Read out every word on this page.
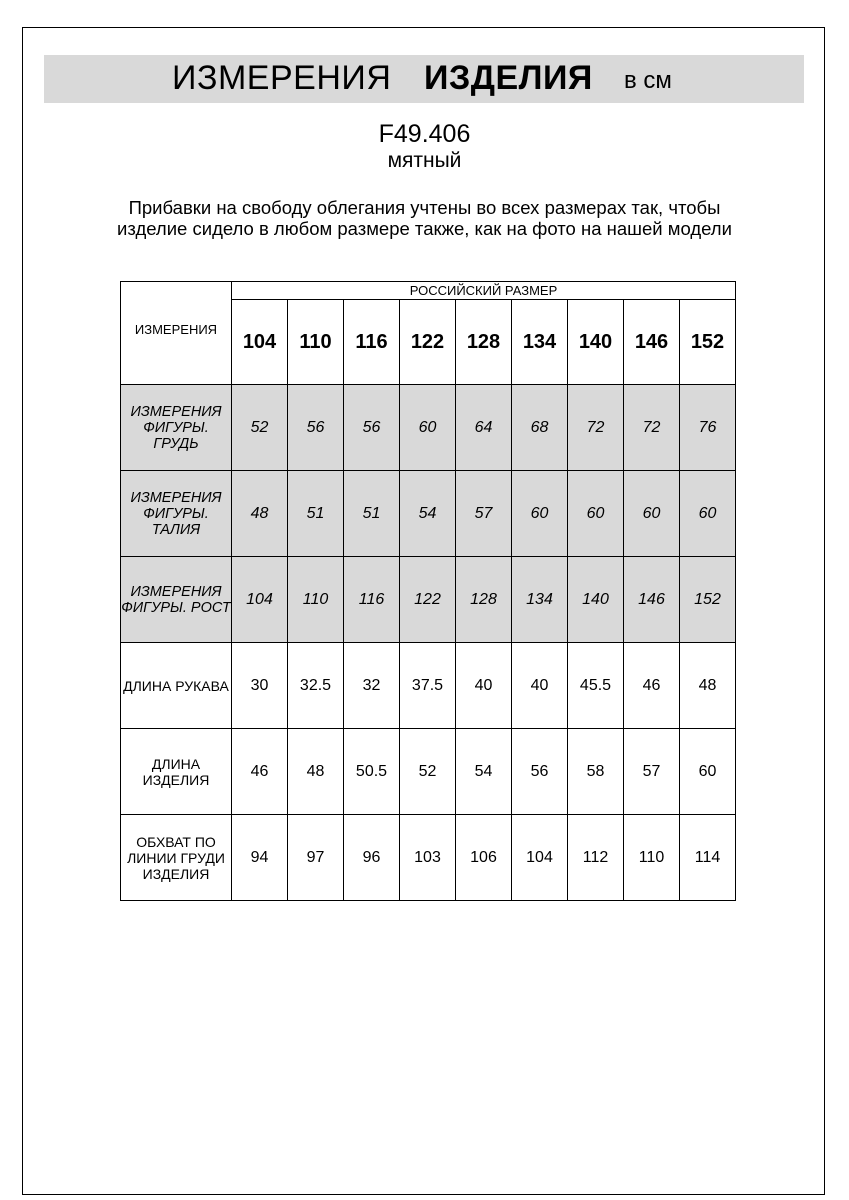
ИЗМЕРЕНИЯ ИЗДЕЛИЯ в см
F49.406
мятный
Прибавки на свободу облегания учтены во всех размерах так, чтобы изделие сидело в любом размере также, как на фото на нашей модели
ИЗМЕРЕНИЯ	РОССИЙСКИЙ РАЗМЕР								
	104	110	116	122	128	134	140	146	152
ИЗМЕРЕНИЯ ФИГУРЫ. ГРУДЬ	52	56	56	60	64	68	72	72	76
ИЗМЕРЕНИЯ ФИГУРЫ. ТАЛИЯ	48	51	51	54	57	60	60	60	60
ИЗМЕРЕНИЯ ФИГУРЫ. РОСТ	104	110	116	122	128	134	140	146	152
ДЛИНА РУКАВА	30	32.5	32	37.5	40	40	45.5	46	48
ДЛИНА ИЗДЕЛИЯ	46	48	50.5	52	54	56	58	57	60
ОБХВАТ ПО ЛИНИИ ГРУДИ ИЗДЕЛИЯ	94	97	96	103	106	104	112	110	114
